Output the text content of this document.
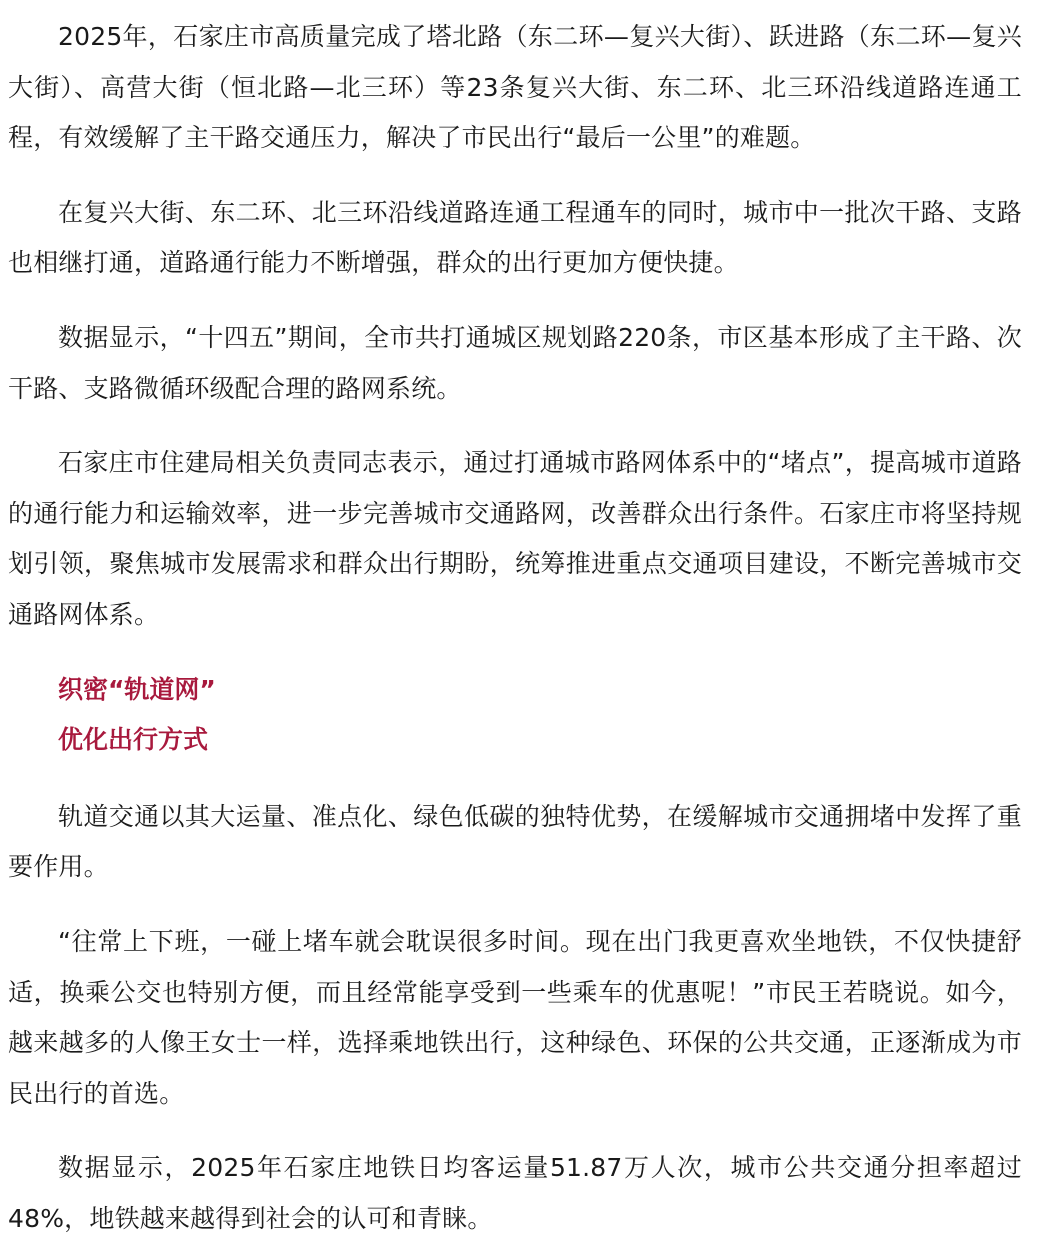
2025年，石家庄市高质量完成了塔北路（东二环—复兴大街）、跃进路（东二环—复兴大街）、高营大街（恒北路—北三环）等23条复兴大街、东二环、北三环沿线道路连通工程，有效缓解了主干路交通压力，解决了市民出行“最后一公里”的难题。

在复兴大街、东二环、北三环沿线道路连通工程通车的同时，城市中一批次干路、支路也相继打通，道路通行能力不断增强，群众的出行更加方便快捷。

数据显示，“十四五”期间，全市共打通城区规划路220条，市区基本形成了主干路、次干路、支路微循环级配合理的路网系统。

石家庄市住建局相关负责同志表示，通过打通城市路网体系中的“堵点”，提高城市道路的通行能力和运输效率，进一步完善城市交通路网，改善群众出行条件。石家庄市将坚持规划引领，聚焦城市发展需求和群众出行期盼，统筹推进重点交通项目建设，不断完善城市交通路网体系。

织密“轨道网”

优化出行方式

轨道交通以其大运量、准点化、绿色低碳的独特优势，在缓解城市交通拥堵中发挥了重要作用。

“往常上下班，一碰上堵车就会耽误很多时间。现在出门我更喜欢坐地铁，不仅快捷舒适，换乘公交也特别方便，而且经常能享受到一些乘车的优惠呢！”市民王若晓说。如今，越来越多的人像王女士一样，选择乘地铁出行，这种绿色、环保的公共交通，正逐渐成为市民出行的首选。

数据显示，2025年石家庄地铁日均客运量51.87万人次，城市公共交通分担率超过48%，地铁越来越得到社会的认可和青睐。
